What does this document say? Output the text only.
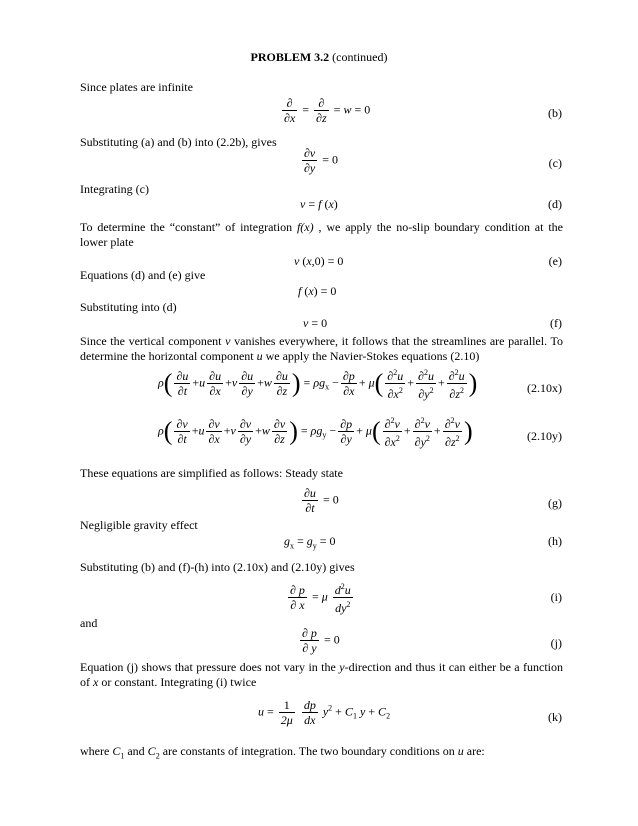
PROBLEM 3.2 (continued)
Since plates are infinite
$\frac{\partial}{\partial x} = \frac{\partial}{\partial z} = w = 0$	(b)
Substituting (a) and (b) into (2.2b), gives
$\frac{\partial v}{\partial y} = 0$	(c)
Integrating (c)
v = f (x)	(d)
To determine the “constant” of integration f(x) , we apply the no-slip boundary condition at the lower plate
v (x,0) = 0	(e)
Equations (d) and (e) give
f (x) = 0
Substituting into (d)
v = 0	(f)
Since the vertical component v vanishes everywhere, it follows that the streamlines are parallel. To determine the horizontal component u we apply the Navier-Stokes equations (2.10)
$\rho( \frac{\partial u}{\partial t} +u \frac{\partial u}{\partial x} +v \frac{\partial u}{\partial y} +w \frac{\partial u}{\partial z}$ ) = $\rho g_x - \frac{\partial p}{\partial x} + \mu( \frac{\partial^2u}{\partial x^2} + \frac{\partial^2u}{\partial y^2} + \frac{\partial^2u}{\partial z^2}$ )	(2.10x)
$\rho( \frac{\partial v}{\partial t} +u \frac{\partial v}{\partial x} +v \frac{\partial v}{\partial y} +w \frac{\partial v}{\partial z}$ ) = $\rho g_y - \frac{\partial p}{\partial y} + \mu( \frac{\partial^2v}{\partial x^2} + \frac{\partial^2v}{\partial y^2} + \frac{\partial^2v}{\partial z^2}$ )	(2.10y)
These equations are simplified as follows: Steady state
$\frac{\partial u}{\partial t} = 0$	(g)
Negligible gravity effect
$g_x = g_y = 0$	(h)
Substituting (b) and (f)-(h) into (2.10x) and (2.10y) gives
$\frac{\partial p}{\partial x} = \mu \frac{d^2u}{dy^2}$	(i)
and
$\frac{\partial p}{\partial y} = 0$	(j)
Equation (j) shows that pressure does not vary in the y-direction and thus it can either be a function of x or constant. Integrating (i) twice
$u = \frac{1}{2\mu}$
$\frac{dp}{dx} y^2 + C_1$ $y + C_2$	(k)
where $C_1$ and $C_2$ are constants of integration. The two boundary conditions on u are:
